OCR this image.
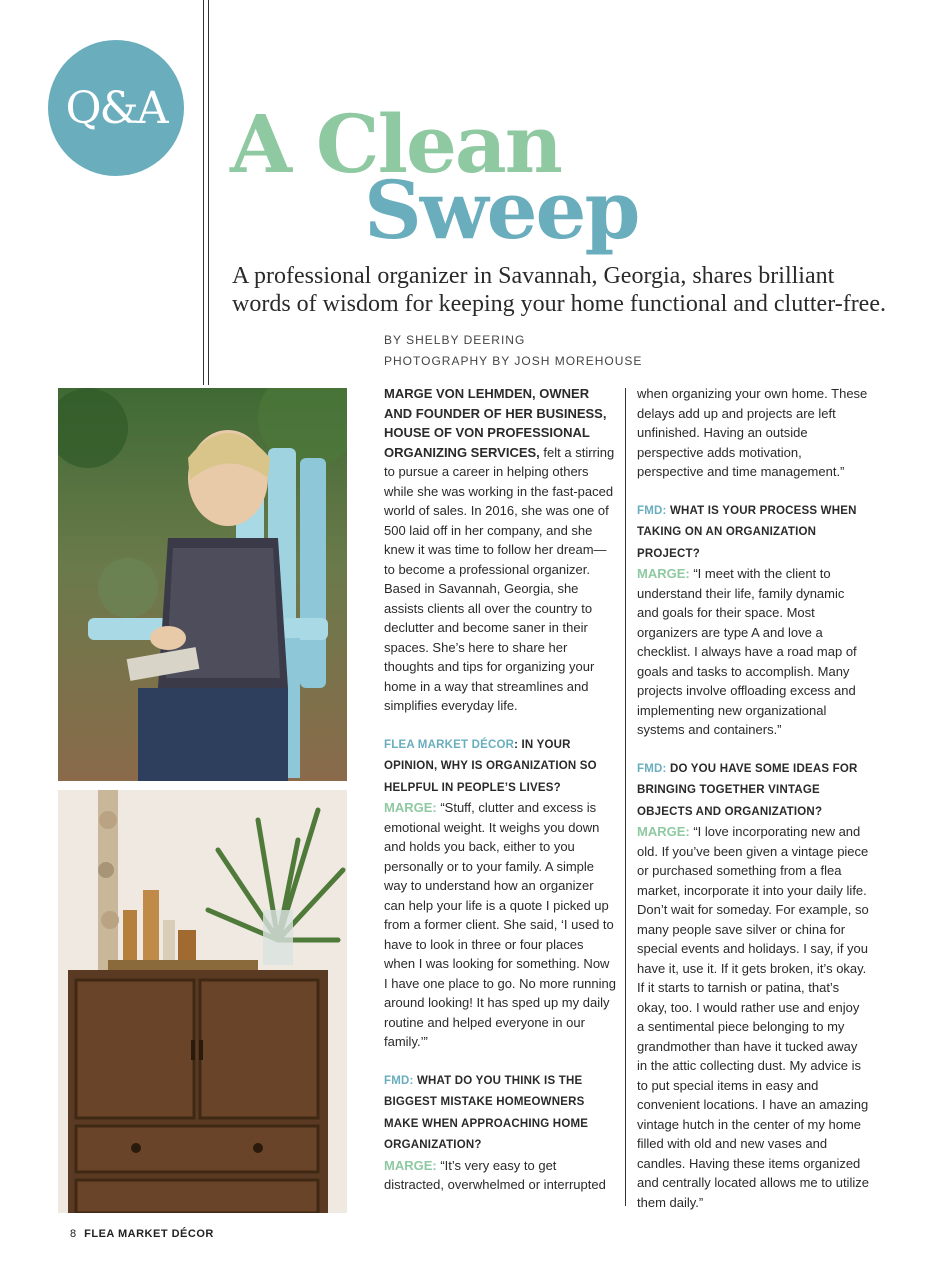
Q&A A Clean
Sweep
A professional organizer in Savannah, Georgia, shares brilliant words of wisdom for keeping your home functional and clutter-free.
BY SHELBY DEERING
PHOTOGRAPHY BY JOSH MOREHOUSE

MARGE VON LEHMDEN, OWNER AND FOUNDER OF HER BUSINESS, HOUSE OF VON PROFESSIONAL ORGANIZING SERVICES, felt a stirring to pursue a career in helping others while she was working in the fast-paced world of sales. In 2016, she was one of 500 laid off in her company, and she knew it was time to follow her dream—to become a professional organizer. Based in Savannah, Georgia, she assists clients all over the country to declutter and become saner in their spaces. She’s here to share her thoughts and tips for organizing your home in a way that streamlines and simplifies everyday life.

FLEA MARKET DÉCOR: IN YOUR OPINION, WHY IS ORGANIZATION SO HELPFUL IN PEOPLE’S LIVES?

MARGE: “Stuff, clutter and excess is emotional weight. It weighs you down and holds you back, either to you personally or to your family. A simple way to understand how an organizer can help your life is a quote I picked up from a former client. She said, ‘I used to have to look in three or four places when I was looking for something. Now I have one place to go. No more running around looking! It has sped up my daily routine and helped everyone in our family.’”

FMD: WHAT DO YOU THINK IS THE BIGGEST MISTAKE HOMEOWNERS MAKE WHEN APPROACHING HOME ORGANIZATION?

MARGE: “It’s very easy to get distracted, overwhelmed or interrupted

when organizing your own home. These delays add up and projects are left unfinished. Having an outside perspective adds motivation, perspective and time management.”

FMD: WHAT IS YOUR PROCESS WHEN TAKING ON AN ORGANIZATION PROJECT?

MARGE: “I meet with the client to understand their life, family dynamic and goals for their space. Most organizers are type A and love a checklist. I always have a road map of goals and tasks to accomplish. Many projects involve offloading excess and implementing new organizational systems and containers.”

FMD: DO YOU HAVE SOME IDEAS FOR BRINGING TOGETHER VINTAGE OBJECTS AND ORGANIZATION?

MARGE: “I love incorporating new and old. If you’ve been given a vintage piece or purchased something from a flea market, incorporate it into your daily life. Don’t wait for someday. For example, so many people save silver or china for special events and holidays. I say, if you have it, use it. If it gets broken, it’s okay. If it starts to tarnish or patina, that’s okay, too. I would rather use and enjoy a sentimental piece belonging to my grandmother than have it tucked away in the attic collecting dust. My advice is to put special items in easy and convenient locations. I have an amazing vintage hutch in the center of my home filled with old and new vases and candles. Having these items organized and centrally located allows me to utilize them daily.”

8 FLEA MARKET DÉCOR
